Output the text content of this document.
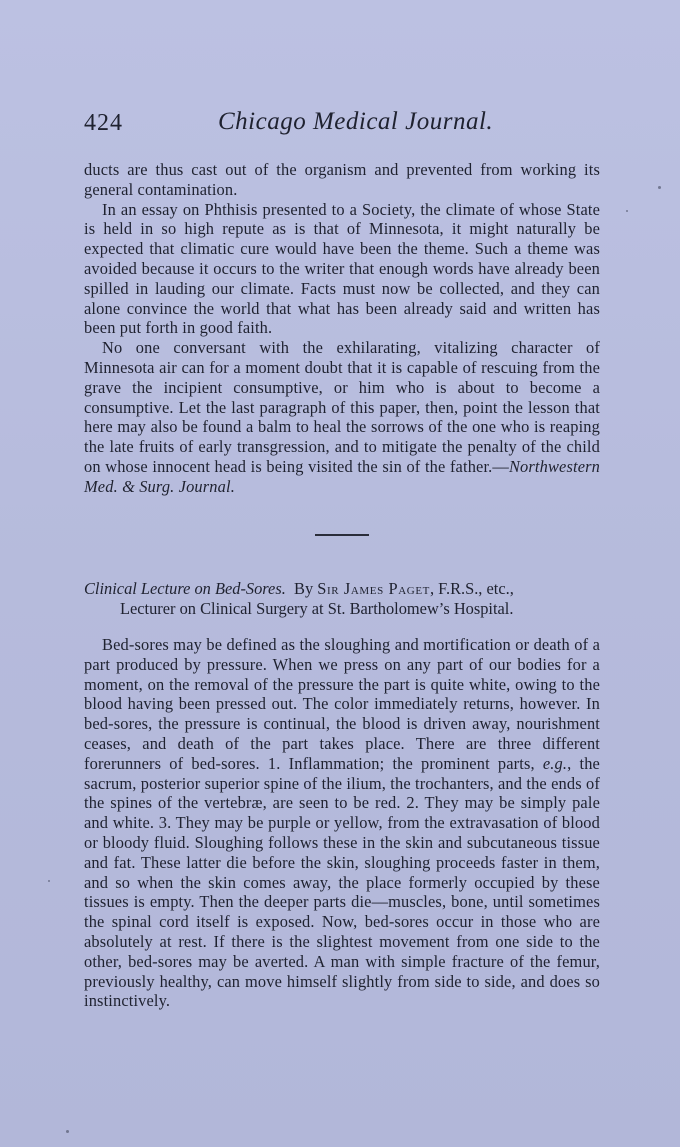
424	Chicago Medical Journal.

ducts are thus cast out of the organism and prevented from working its general contamination.

In an essay on Phthisis presented to a Society, the climate of whose State is held in so high repute as is that of Minnesota, it might naturally be expected that climatic cure would have been the theme. Such a theme was avoided because it occurs to the writer that enough words have already been spilled in lauding our climate. Facts must now be collected, and they can alone convince the world that what has been already said and written has been put forth in good faith.

No one conversant with the exhilarating, vitalizing character of Minnesota air can for a moment doubt that it is capable of rescuing from the grave the incipient consumptive, or him who is about to become a consumptive. Let the last paragraph of this paper, then, point the lesson that here may also be found a balm to heal the sorrows of the one who is reaping the late fruits of early transgression, and to mitigate the penalty of the child on whose innocent head is being visited the sin of the father.—Northwestern Med. & Surg. Journal.

Clinical Lecture on Bed-Sores. By Sir James Paget, F.R.S., etc.,
Lecturer on Clinical Surgery at St. Bartholomew’s Hospital.

Bed-sores may be defined as the sloughing and mortification or death of a part produced by pressure. When we press on any part of our bodies for a moment, on the removal of the pressure the part is quite white, owing to the blood having been pressed out. The color immediately returns, however. In bed-sores, the pressure is continual, the blood is driven away, nourishment ceases, and death of the part takes place. There are three different forerunners of bed-sores. 1. Inflammation; the prominent parts, e.g., the sacrum, posterior superior spine of the ilium, the trochanters, and the ends of the spines of the vertebræ, are seen to be red. 2. They may be simply pale and white. 3. They may be purple or yellow, from the extravasation of blood or bloody fluid. Sloughing follows these in the skin and subcutaneous tissue and fat. These latter die before the skin, sloughing proceeds faster in them, and so when the skin comes away, the place formerly occupied by these tissues is empty. Then the deeper parts die—muscles, bone, until sometimes the spinal cord itself is exposed. Now, bed-sores occur in those who are absolutely at rest. If there is the slightest movement from one side to the other, bed-sores may be averted. A man with simple fracture of the femur, previously healthy, can move himself slightly from side to side, and does so instinctively.
